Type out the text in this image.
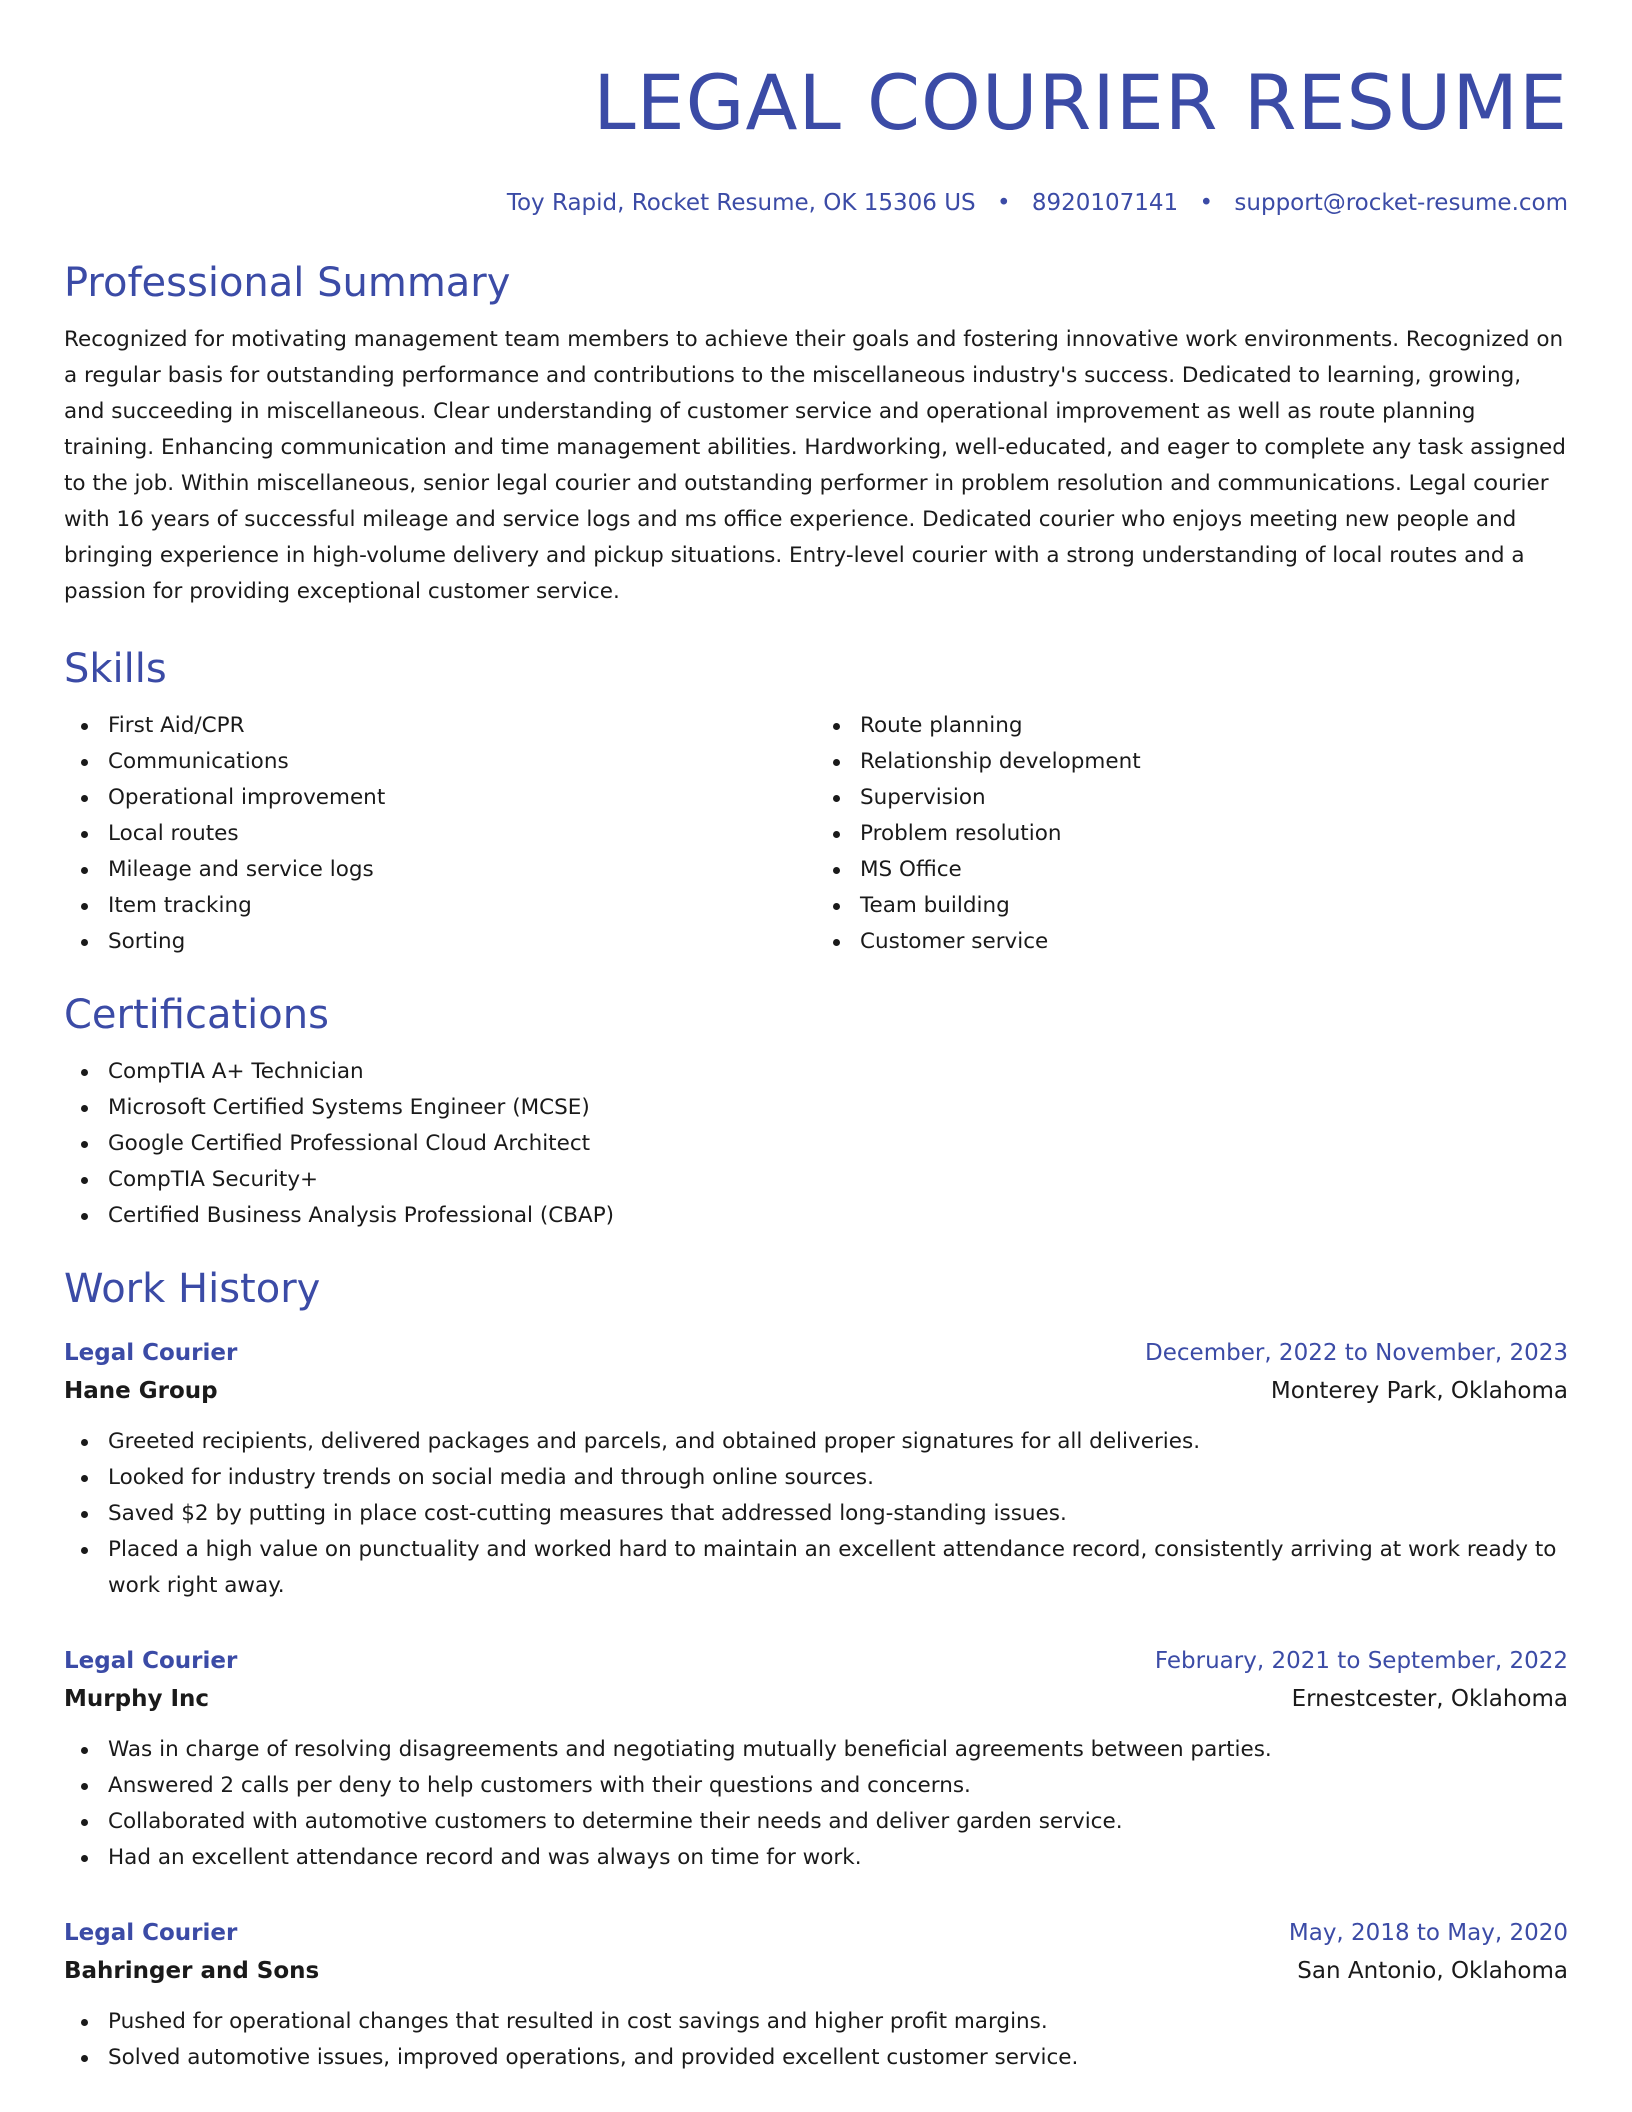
LEGAL COURIER RESUME
Toy Rapid, Rocket Resume, OK 15306 US • 8920107141 • support@rocket-resume.com
Professional Summary

Recognized for motivating management team members to achieve their goals and fostering innovative work environments. Recognized on a regular basis for outstanding performance and contributions to the miscellaneous industry's success. Dedicated to learning, growing, and succeeding in miscellaneous. Clear understanding of customer service and operational improvement as well as route planning training. Enhancing communication and time management abilities. Hardworking, well-educated, and eager to complete any task assigned to the job. Within miscellaneous, senior legal courier and outstanding performer in problem resolution and communications. Legal courier with 16 years of successful mileage and service logs and ms office experience. Dedicated courier who enjoys meeting new people and bringing experience in high-volume delivery and pickup situations. Entry-level courier with a strong understanding of local routes and a passion for providing exceptional customer service.

Skills
First Aid/CPR
Communications
Operational improvement
Local routes
Mileage and service logs
Item tracking
Sorting
Route planning
Relationship development
Supervision
Problem resolution
MS Office
Team building
Customer service
Certifications
CompTIA A+ Technician
Microsoft Certified Systems Engineer (MCSE)
Google Certified Professional Cloud Architect
CompTIA Security+
Certified Business Analysis Professional (CBAP)
Work History
Legal Courier	December, 2022 to November, 2023
Hane Group	Monterey Park, Oklahoma
Greeted recipients, delivered packages and parcels, and obtained proper signatures for all deliveries.
Looked for industry trends on social media and through online sources.
Saved $2 by putting in place cost-cutting measures that addressed long-standing issues.
Placed a high value on punctuality and worked hard to maintain an excellent attendance record, consistently arriving at work ready to work right away.
Legal Courier	February, 2021 to September, 2022
Murphy Inc	Ernestcester, Oklahoma
Was in charge of resolving disagreements and negotiating mutually beneficial agreements between parties.
Answered 2 calls per deny to help customers with their questions and concerns.
Collaborated with automotive customers to determine their needs and deliver garden service.
Had an excellent attendance record and was always on time for work.
Legal Courier	May, 2018 to May, 2020
Bahringer and Sons	San Antonio, Oklahoma
Pushed for operational changes that resulted in cost savings and higher profit margins.
Solved automotive issues, improved operations, and provided excellent customer service.
